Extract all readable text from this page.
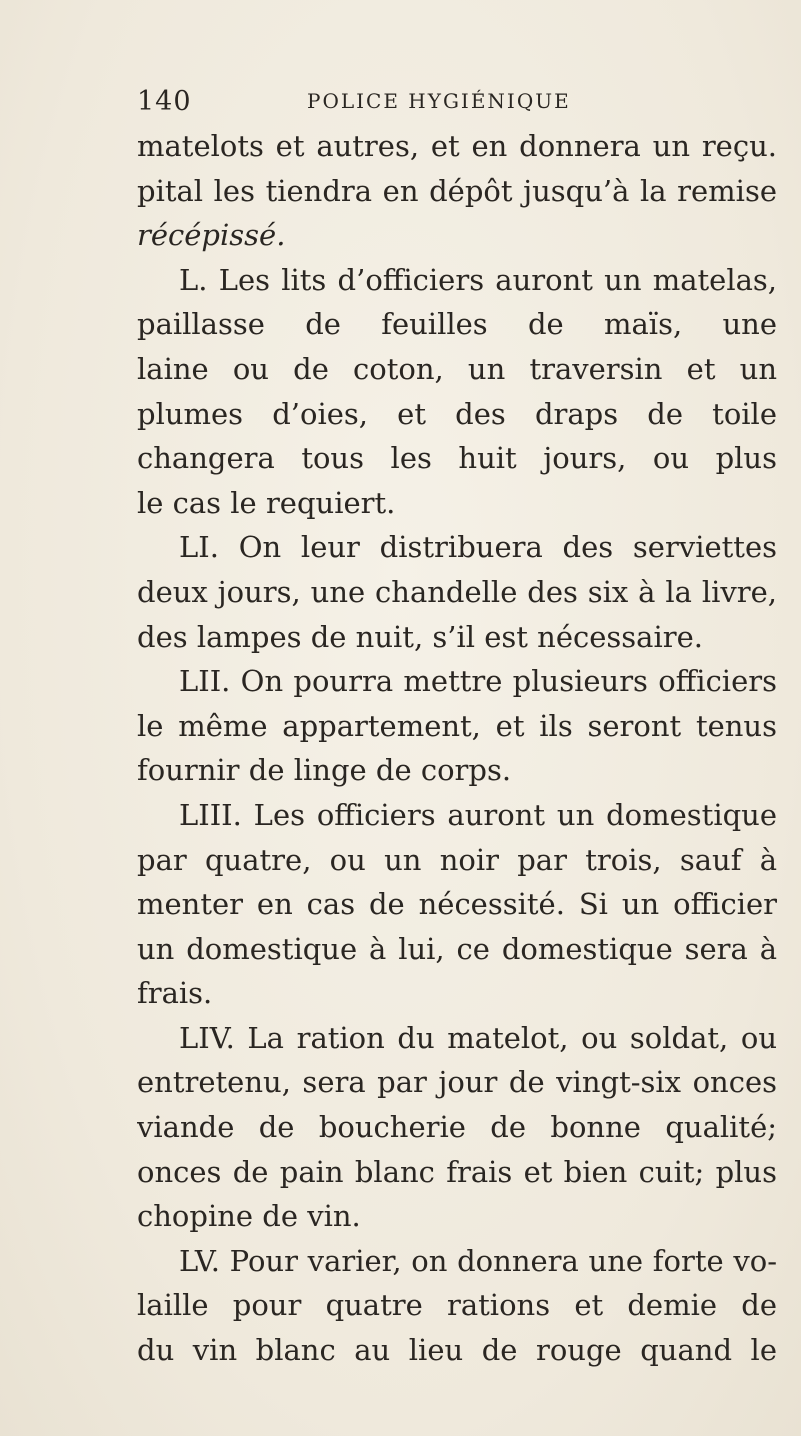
140	POLICE HYGIÉNIQUE
matelots et autres, et en donnera un reçu.
pital les tiendra en dépôt jusqu’à la remise
récépissé.
L. Les lits d’officiers auront un matelas,
paillasse de feuilles de maïs, une
laine ou de coton, un traversin et un
plumes d’oies, et des draps de toile
changera tous les huit jours, ou plus
le cas le requiert.
LI. On leur distribuera des serviettes
deux jours, une chandelle des six à la livre,
des lampes de nuit, s’il est nécessaire.
LII. On pourra mettre plusieurs officiers
le même appartement, et ils seront tenus
fournir de linge de corps.
LIII. Les officiers auront un domestique
par quatre, ou un noir par trois, sauf à
menter en cas de nécessité. Si un officier
un domestique à lui, ce domestique sera à
frais.
LIV. La ration du matelot, ou soldat, ou
entretenu, sera par jour de vingt-six onces
viande de boucherie de bonne qualité;
onces de pain blanc frais et bien cuit; plus
chopine de vin.
LV. Pour varier, on donnera une forte vo-
laille pour quatre rations et demie de
du vin blanc au lieu de rouge quand le
